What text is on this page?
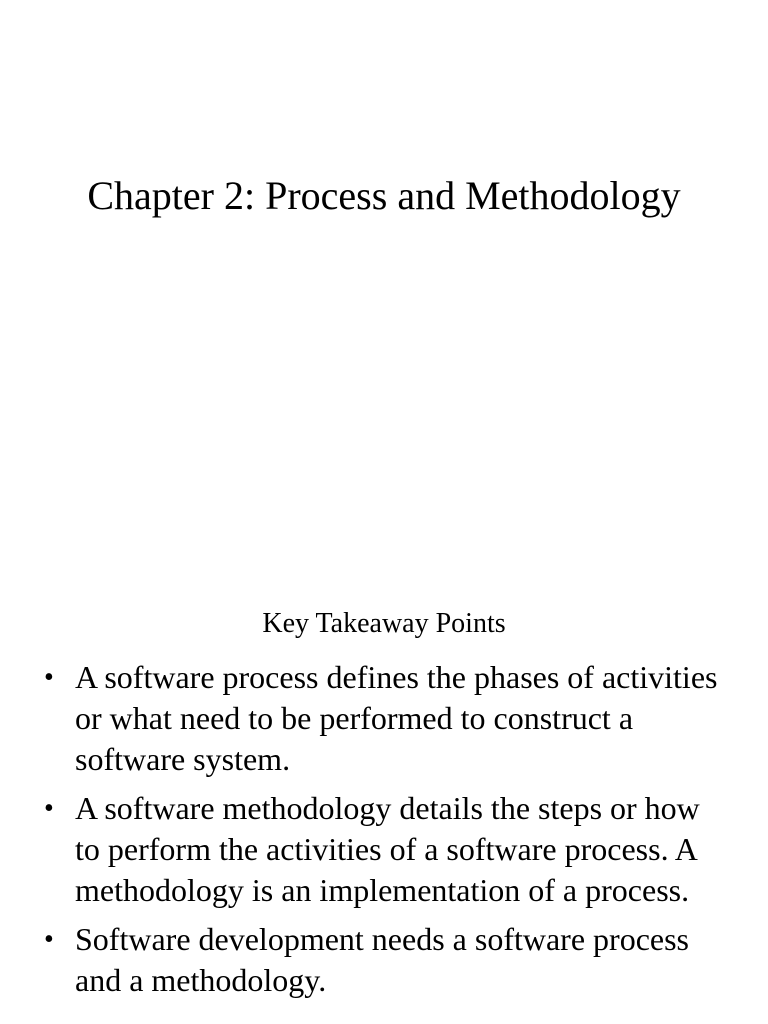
Chapter 2: Process and Methodology
Key Takeaway Points
• A software process defines the phases of activities or what need to be performed to construct a software system.
• A software methodology details the steps or how to perform the activities of a software process. A methodology is an implementation of a process.
• Software development needs a software process and a methodology.
